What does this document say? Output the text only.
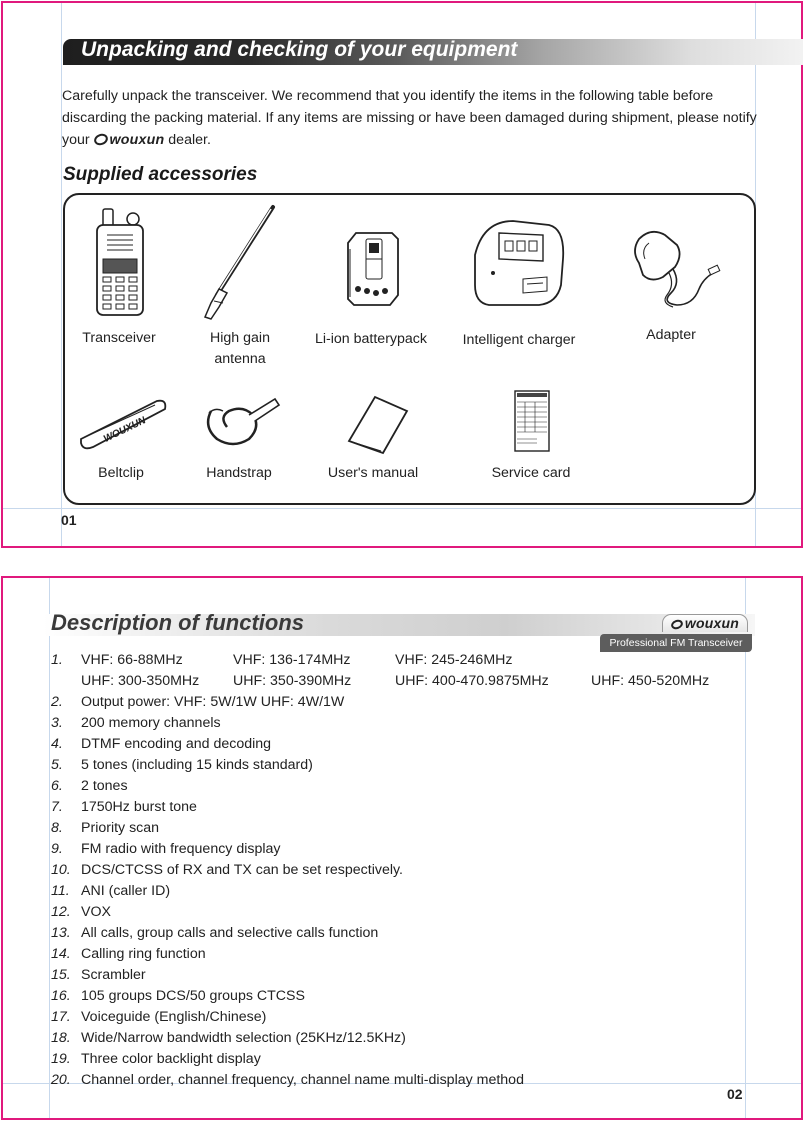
Unpacking and checking of your equipment

Carefully unpack the transceiver. We recommend that you identify the items in the following table before discarding the packing material. If any items are missing or have been damaged during shipment, please notify your wouxun dealer.

Supplied accessories
Transceiver	High gain antenna
Li-ion batterypack	Intelligent charger	Adapter
WOUXUN
Beltclip	Handstrap	User's manual	Service card
01
Description of functions	wouxun
Professional FM Transceiver
1. VHF: 66-88MHz	VHF: 136-174MHz	VHF: 245-246MHz
UHF: 300-350MHz UHF: 350-390MHz	UHF: 400-470.9875MHz	UHF: 450-520MHz
2. Output power: VHF: 5W/1W UHF: 4W/1W
3. 200 memory channels
4. DTMF encoding and decoding
5. 5 tones (including 15 kinds standard)
6. 2 tones
7. 1750Hz burst tone
8. Priority scan
9. FM radio with frequency display
10. DCS/CTCSS of RX and TX can be set respectively.
11. ANI (caller ID)
12. VOX
13. All calls, group calls and selective calls function
14. Calling ring function
15. Scrambler
16. 105 groups DCS/50 groups CTCSS
17. Voiceguide (English/Chinese)
18. Wide/Narrow bandwidth selection (25KHz/12.5KHz)
19. Three color backlight display
20. Channel order, channel frequency, channel name multi-display method
02
